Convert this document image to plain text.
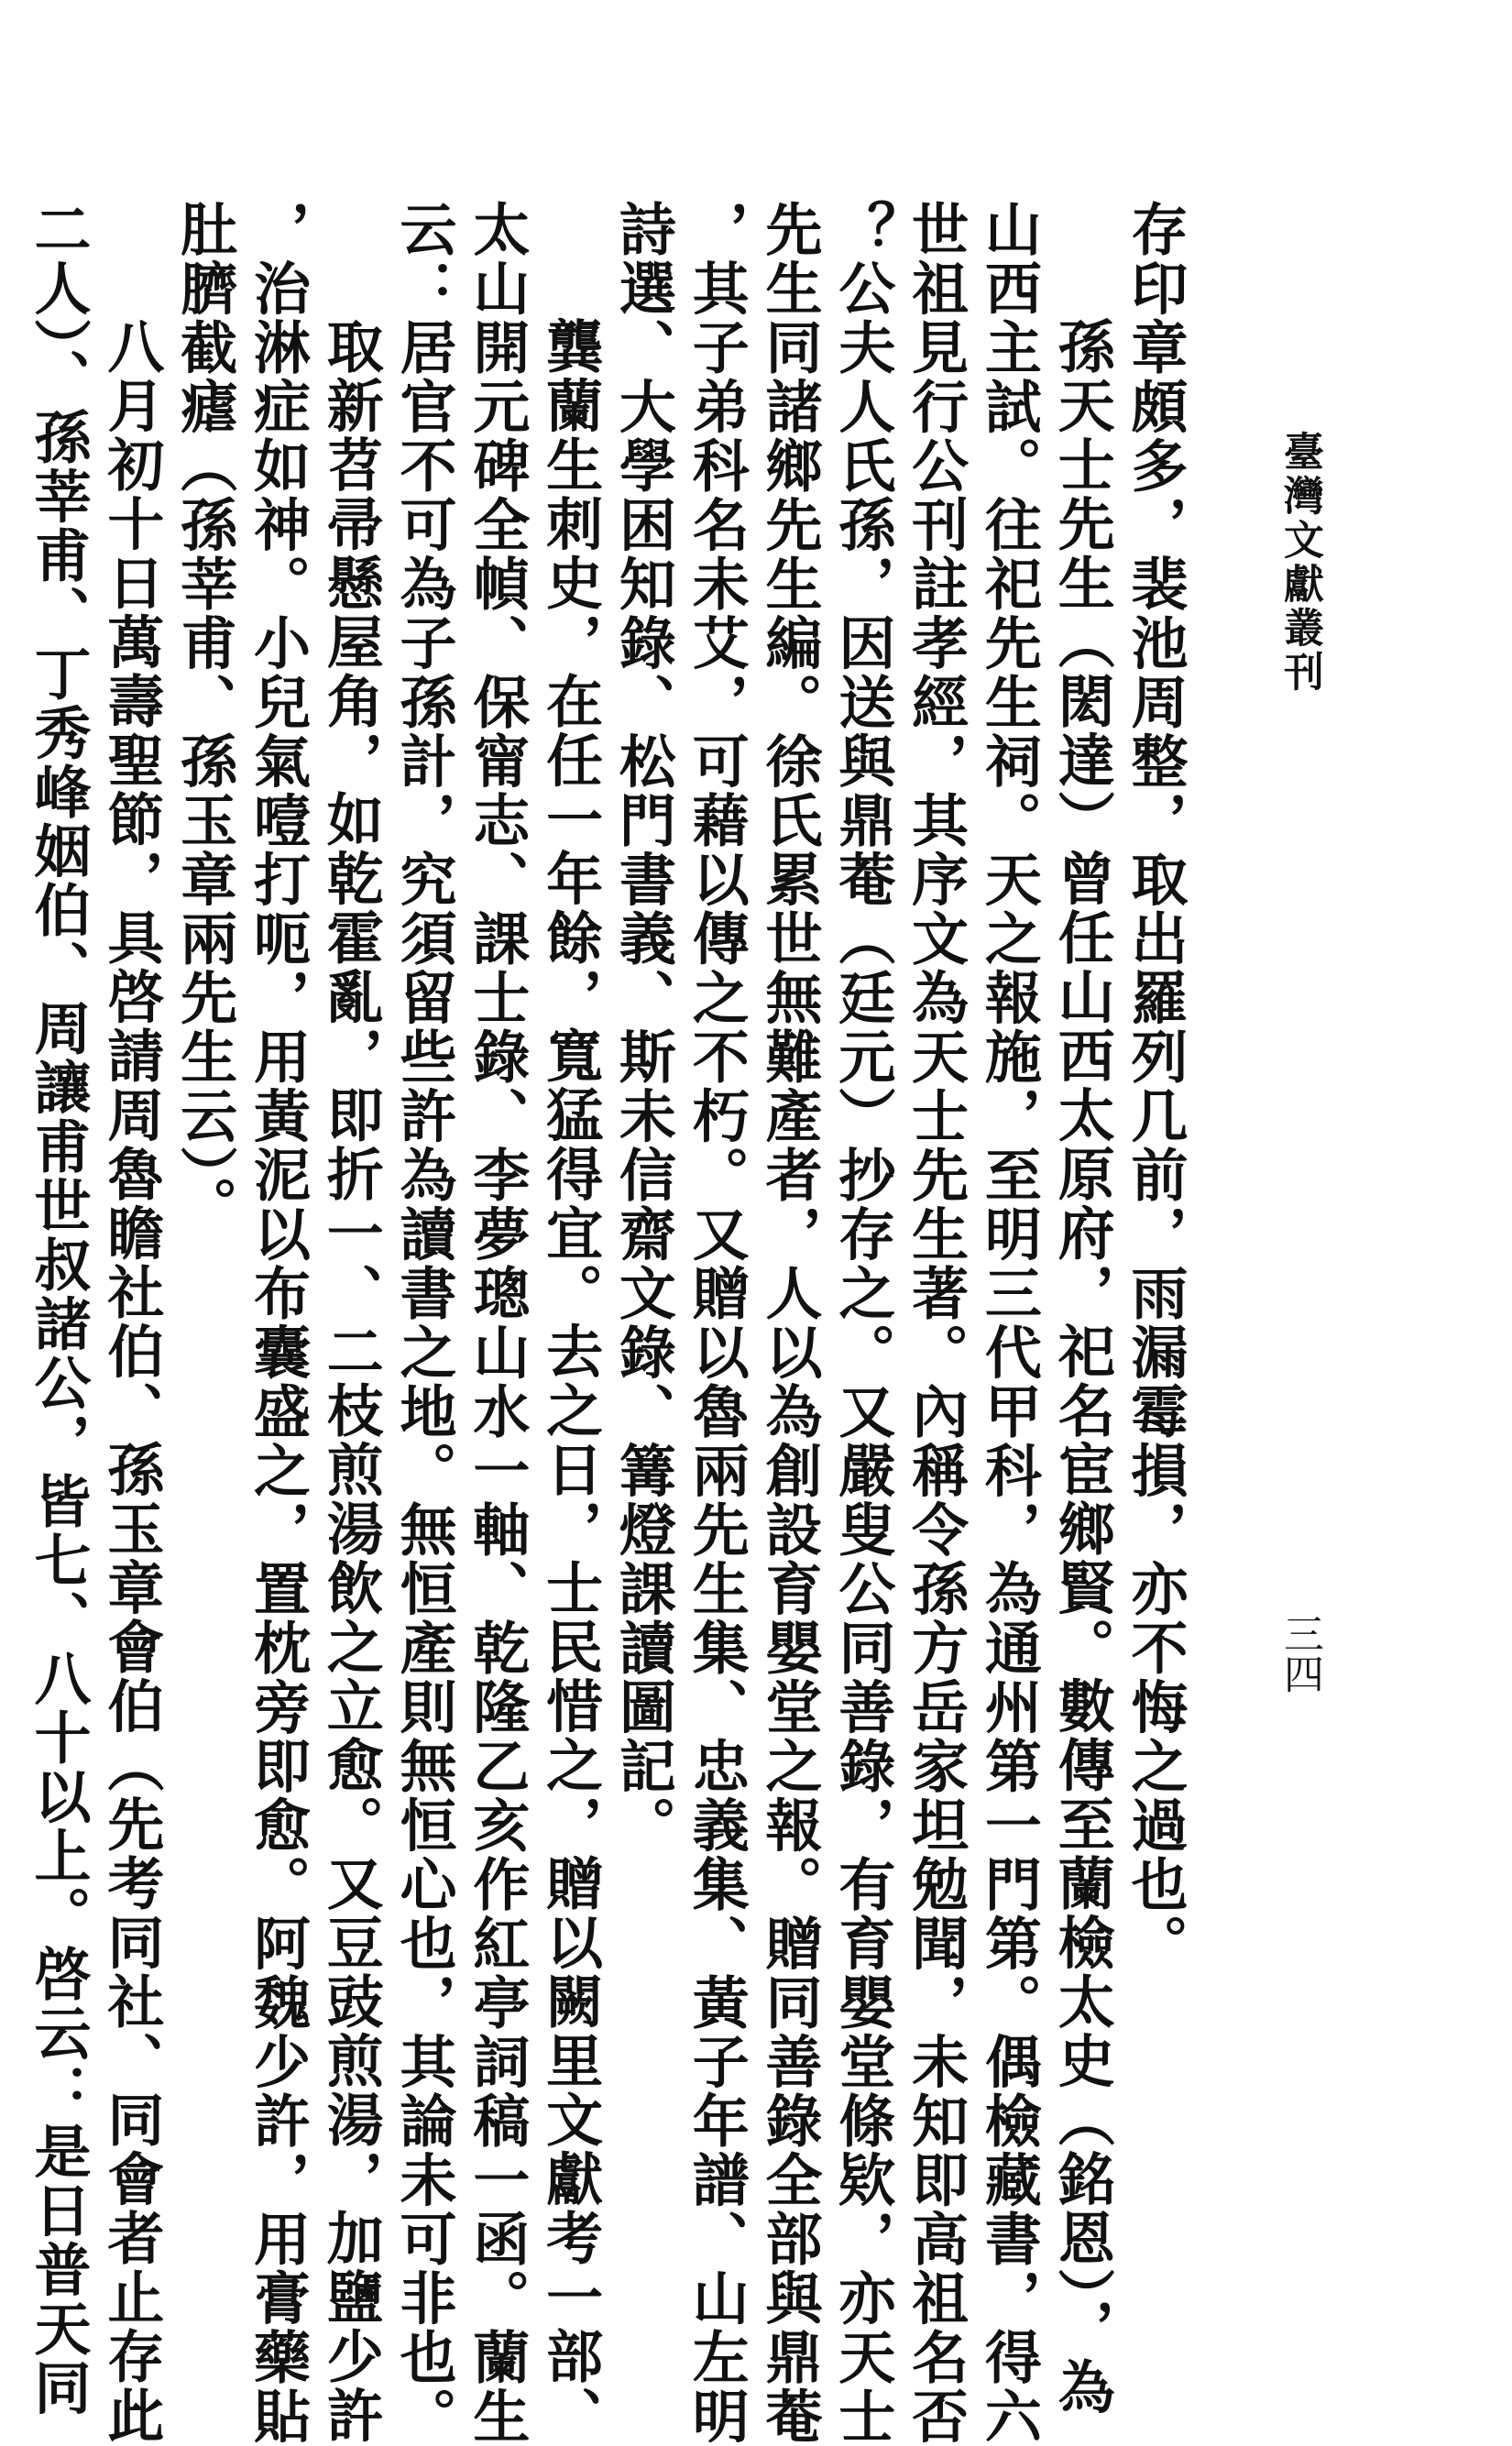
臺灣文獻叢刊
三四
存印章頗多，裴池周整，取出羅列几前，雨漏霉損，亦不悔之過也。
孫天士先生（閎達）曾任山西太原府，祀名宦鄉賢。數傳至蘭檢太史（銘恩），為
山西主試。往祀先生祠。天之報施，至明三代甲科，為通州第一門第。偶檢藏書，得六
世祖見行公刊註孝經，其序文為天士先生著。內稱令孫方岳家坦勉聞，未知即高祖名否
？公夫人氏孫，因送與鼎菴（廷元）抄存之。又嚴叟公同善錄，有育嬰堂條欵，亦天士
先生同諸鄉先生編。徐氏累世無難產者，人以為創設育嬰堂之報。贈同善錄全部與鼎菴
，其子弟科名未艾，可藉以傳之不朽。又贈以魯兩先生集、忠義集、黃子年譜、山左明
詩選、大學困知錄、松門書義、斯未信齋文錄、篝燈課讀圖記。
龔蘭生刺史，在任一年餘，寬猛得宜。去之日，士民惜之，贈以闕里文獻考一部、
太山開元碑全幀、保甯志、課士錄、李夢璁山水一軸、乾隆乙亥作紅亭詞稿一函。蘭生
云：居官不可為子孫計，究須留些許為讀書之地。無恒產則無恒心也，其論未可非也。
取新苕帚懸屋角，如乾霍亂，即折一、二枝煎湯飲之立愈。又豆豉煎湯，加鹽少許
，治淋症如神。小兒氣噎打呃，用黃泥以布囊盛之，置枕旁即愈。阿魏少許，用膏藥貼
肚臍截瘧（孫莘甫、孫玉章兩先生云）。
八月初十日萬壽聖節，具啓請周魯瞻社伯、孫玉章會伯（先考同社、同會者止存此
二人）、孫莘甫、丁秀峰姻伯、周讓甫世叔諸公，皆七、八十以上。啓云：是日普天同
